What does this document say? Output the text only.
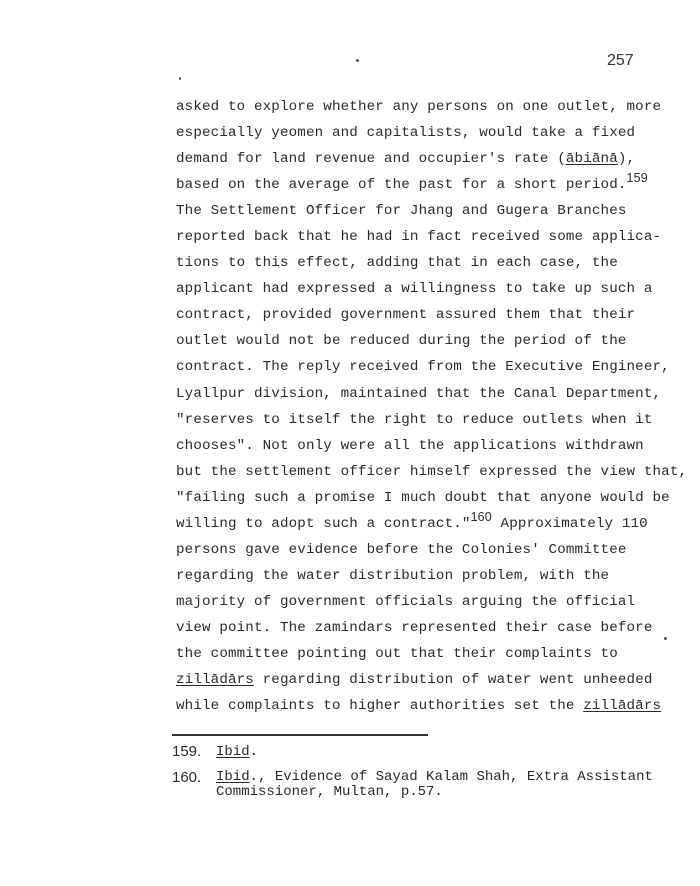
257
asked to explore whether any persons on one outlet, more
especially yeomen and capitalists, would take a fixed
demand for land revenue and occupier's rate (ābiānā),
based on the average of the past for a short period.$^{159}$
The Settlement Officer for Jhang and Gugera Branches
reported back that he had in fact received some applica-
tions to this effect, adding that in each case, the
applicant had expressed a willingness to take up such a
contract, provided government assured them that their
outlet would not be reduced during the period of the
contract. The reply received from the Executive Engineer,
Lyallpur division, maintained that the Canal Department,
"reserves to itself the right to reduce outlets when it
chooses". Not only were all the applications withdrawn
but the settlement officer himself expressed the view that,
"failing such a promise I much doubt that anyone would be
willing to adopt such a contract."$^{160}$ Approximately 110
persons gave evidence before the Colonies' Committee
regarding the water distribution problem, with the
majority of government officials arguing the official
view point. The zamindars represented their case before
the committee pointing out that their complaints to
zillādārs regarding distribution of water went unheeded
while complaints to higher authorities set the zillādārs
159.	Ibid.
160.	Ibid., Evidence of Sayad Kalam Shah, Extra Assistant
Commissioner, Multan, p.57.
